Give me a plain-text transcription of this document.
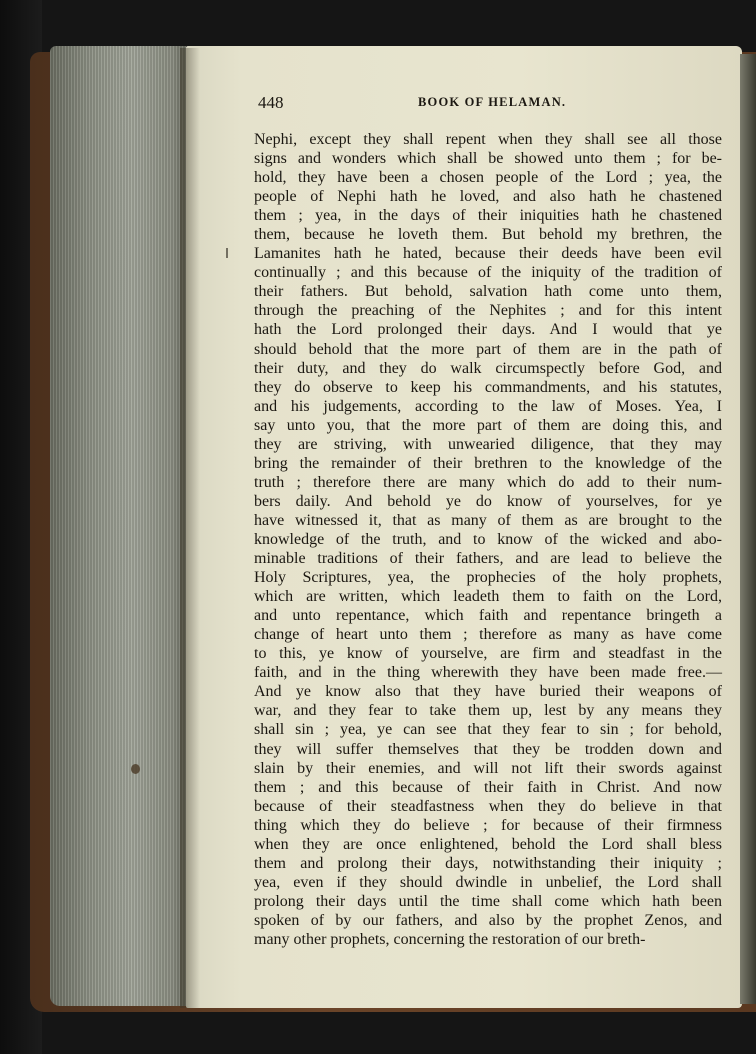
448	BOOK OF HELAMAN.
Nephi, except they shall repent when they shall see all those
signs and wonders which shall be showed unto them ; for be-
hold, they have been a chosen people of the Lord ; yea, the
people of Nephi hath he loved, and also hath he chastened
them ; yea, in the days of their iniquities hath he chastened
them, because he loveth them. But behold my brethren, the
Lamanites hath he hated, because their deeds have been evil
continually ; and this because of the iniquity of the tradition of
their fathers. But behold, salvation hath come unto them,
through the preaching of the Nephites ; and for this intent
hath the Lord prolonged their days. And I would that ye
should behold that the more part of them are in the path of
their duty, and they do walk circumspectly before God, and
they do observe to keep his commandments, and his statutes,
and his judgements, according to the law of Moses. Yea, I
say unto you, that the more part of them are doing this, and
they are striving, with unwearied diligence, that they may
bring the remainder of their brethren to the knowledge of the
truth ; therefore there are many which do add to their num-
bers daily. And behold ye do know of yourselves, for ye
have witnessed it, that as many of them as are brought to the
knowledge of the truth, and to know of the wicked and abo-
minable traditions of their fathers, and are lead to believe the
Holy Scriptures, yea, the prophecies of the holy prophets,
which are written, which leadeth them to faith on the Lord,
and unto repentance, which faith and repentance bringeth a
change of heart unto them ; therefore as many as have come
to this, ye know of yourselve, are firm and steadfast in the
faith, and in the thing wherewith they have been made free.—
And ye know also that they have buried their weapons of
war, and they fear to take them up, lest by any means they
shall sin ; yea, ye can see that they fear to sin ; for behold,
they will suffer themselves that they be trodden down and
slain by their enemies, and will not lift their swords against
them ; and this because of their faith in Christ. And now
because of their steadfastness when they do believe in that
thing which they do believe ; for because of their firmness
when they are once enlightened, behold the Lord shall bless
them and prolong their days, notwithstanding their iniquity ;
yea, even if they should dwindle in unbelief, the Lord shall
prolong their days until the time shall come which hath been
spoken of by our fathers, and also by the prophet Zenos, and
many other prophets, concerning the restoration of our breth-
